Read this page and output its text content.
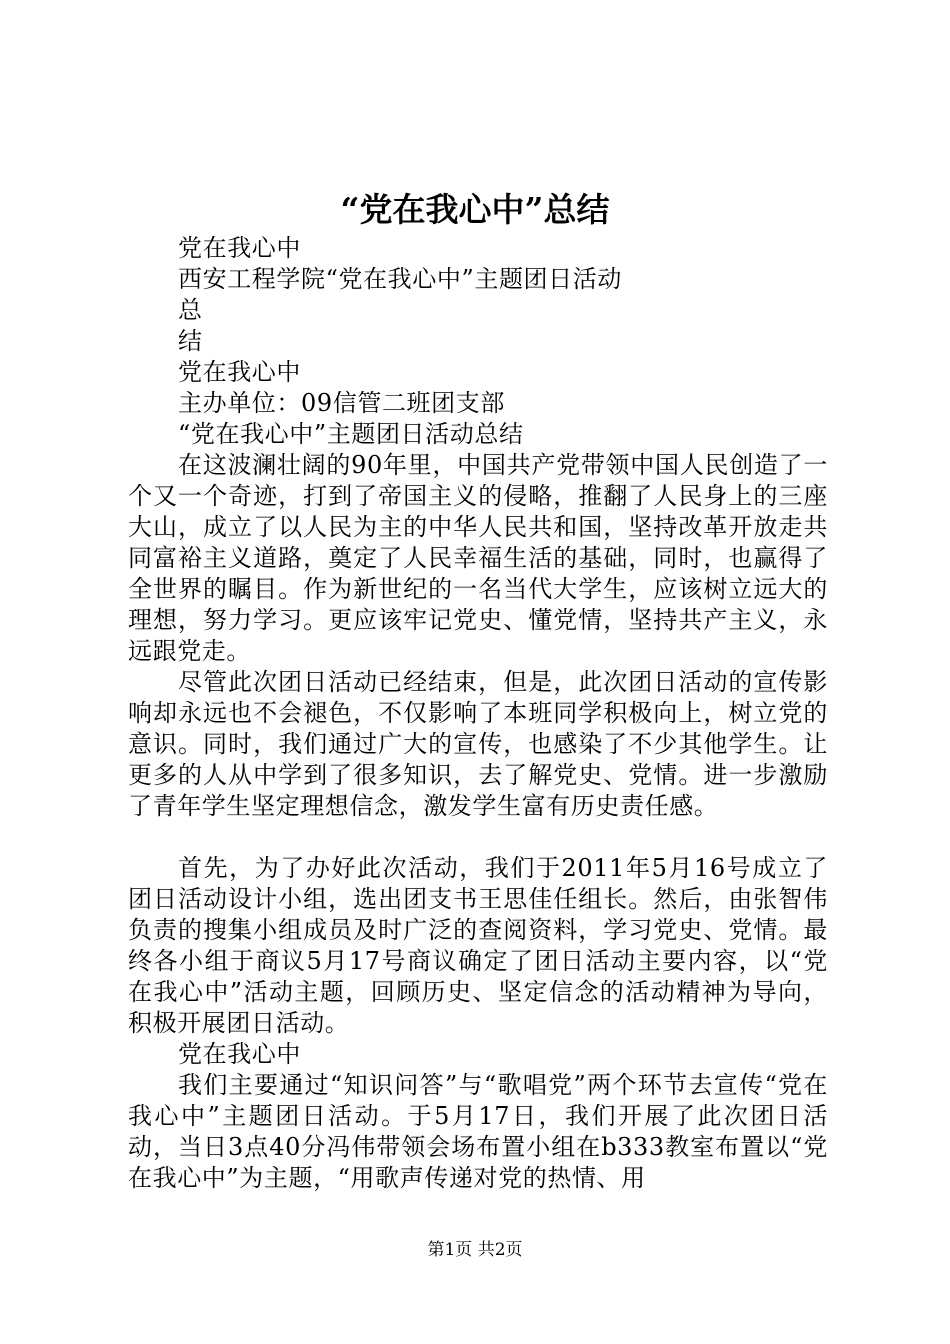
“党在我心中”总结
党在我心中
西安工程学院“党在我心中”主题团日活动
总
结
党在我心中
主办单位：09信管二班团支部
“党在我心中”主题团日活动总结

在这波澜壮阔的90年里，中国共产党带领中国人民创造了一个又一个奇迹，打到了帝国主义的侵略，推翻了人民身上的三座大山，成立了以人民为主的中华人民共和国，坚持改革开放走共同富裕主义道路，奠定了人民幸福生活的基础，同时，也赢得了全世界的瞩目。作为新世纪的一名当代大学生，应该树立远大的理想，努力学习。更应该牢记党史、懂党情，坚持共产主义，永远跟党走。

尽管此次团日活动已经结束，但是，此次团日活动的宣传影响却永远也不会褪色，不仅影响了本班同学积极向上，树立党的意识。同时，我们通过广大的宣传，也感染了不少其他学生。让更多的人从中学到了很多知识，去了解党史、党情。进一步激励了青年学生坚定理想信念，激发学生富有历史责任感。

首先，为了办好此次活动，我们于2011年5月16号成立了团日活动设计小组，选出团支书王思佳任组长。然后，由张智伟负责的搜集小组成员及时广泛的查阅资料，学习党史、党情。最终各小组于商议5月17号商议确定了团日活动主要内容，以“党在我心中”活动主题，回顾历史、坚定信念的活动精神为导向，积极开展团日活动。

党在我心中

我们主要通过“知识问答”与“歌唱党”两个环节去宣传“党在我心中”主题团日活动。于5月17日，我们开展了此次团日活动，当日3点40分冯伟带领会场布置小组在b333教室布置以“党在我心中”为主题，“用歌声传递对党的热情、用

第1页 共2页
